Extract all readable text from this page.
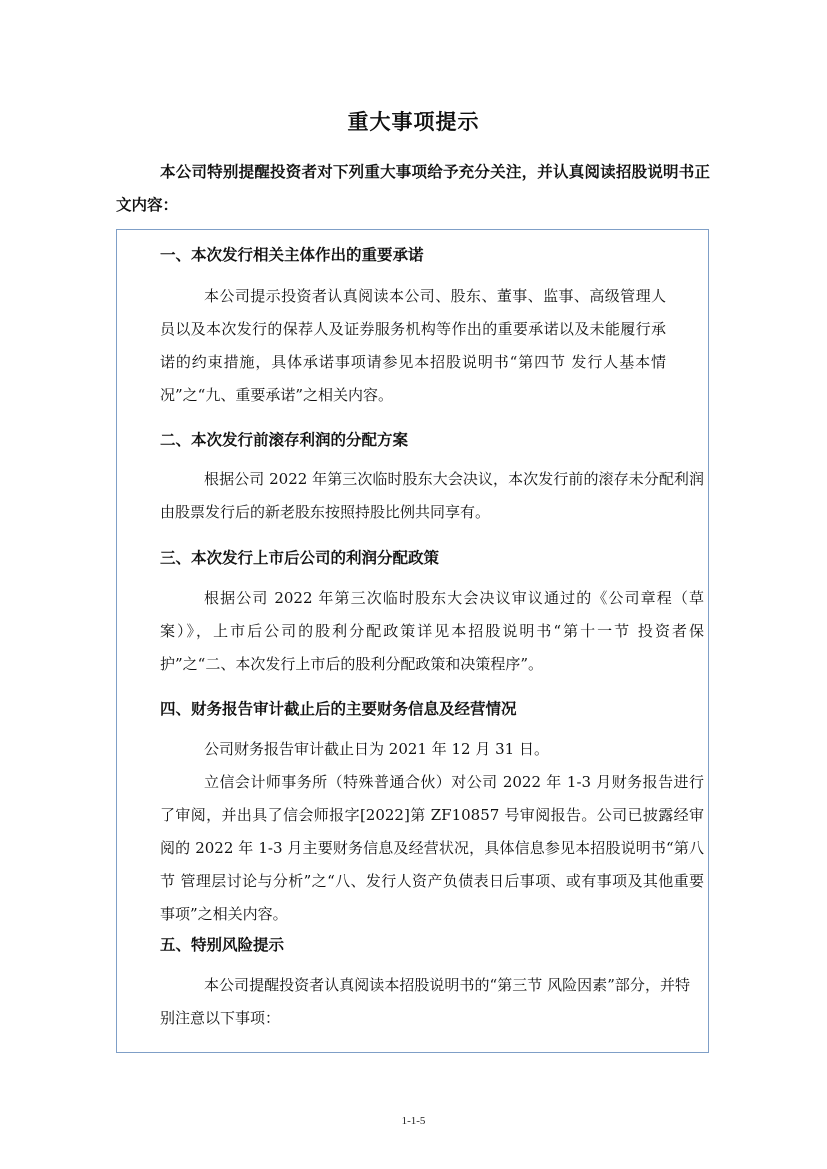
重大事项提示
本公司特别提醒投资者对下列重大事项给予充分关注，并认真阅读招股说明书正文内容：
一、本次发行相关主体作出的重要承诺
本公司提示投资者认真阅读本公司、股东、董事、监事、高级管理人员以及本次发行的保荐人及证券服务机构等作出的重要承诺以及未能履行承诺的约束措施，具体承诺事项请参见本招股说明书“第四节 发行人基本情况”之“九、重要承诺”之相关内容。
二、本次发行前滚存利润的分配方案
根据公司 2022 年第三次临时股东大会决议，本次发行前的滚存未分配利润由股票发行后的新老股东按照持股比例共同享有。
三、本次发行上市后公司的利润分配政策
根据公司 2022 年第三次临时股东大会决议审议通过的《公司章程（草案）》，上市后公司的股利分配政策详见本招股说明书“第十一节 投资者保护”之“二、本次发行上市后的股利分配政策和决策程序”。
四、财务报告审计截止后的主要财务信息及经营情况
公司财务报告审计截止日为 2021 年 12 月 31 日。
立信会计师事务所（特殊普通合伙）对公司 2022 年 1-3 月财务报告进行了审阅，并出具了信会师报字[2022]第 ZF10857 号审阅报告。公司已披露经审阅的 2022 年 1-3 月主要财务信息及经营状况，具体信息参见本招股说明书“第八节 管理层讨论与分析”之“八、发行人资产负债表日后事项、或有事项及其他重要事项”之相关内容。
五、特别风险提示
本公司提醒投资者认真阅读本招股说明书的“第三节 风险因素”部分，并特别注意以下事项：
1-1-5
